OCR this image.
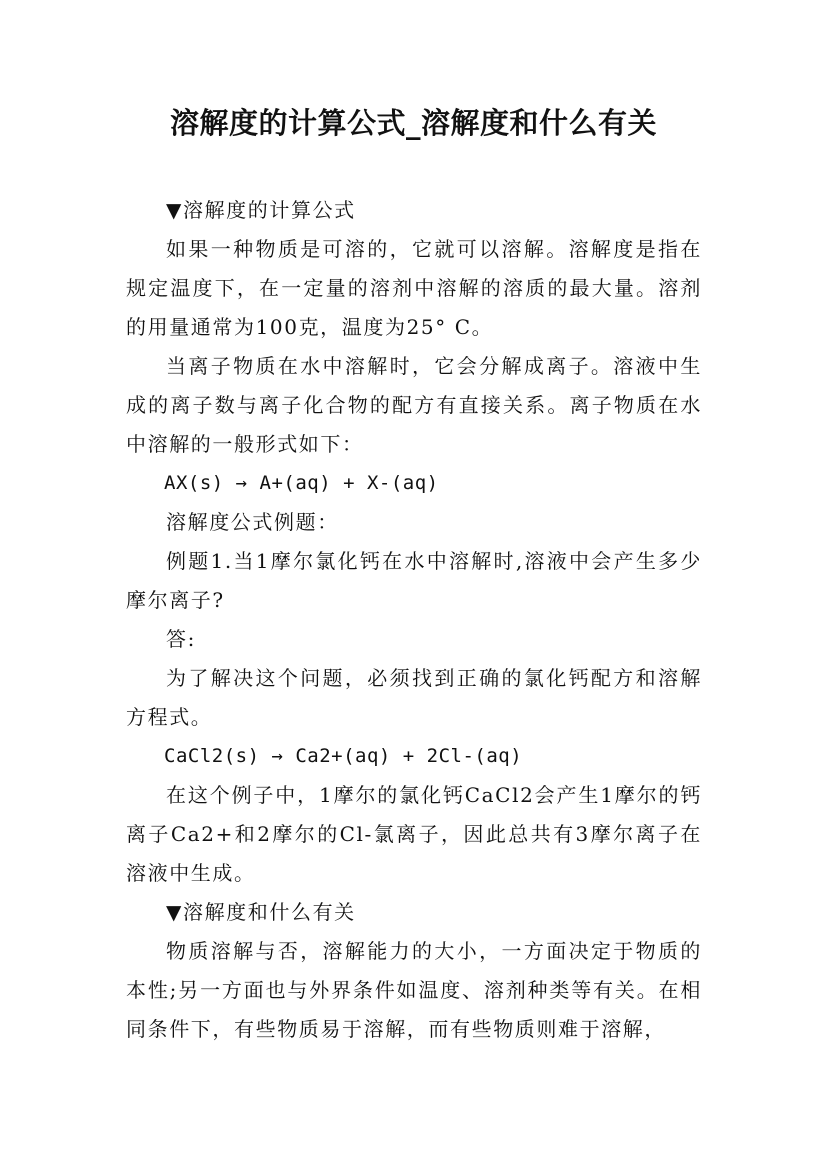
溶解度的计算公式_溶解度和什么有关

▼溶解度的计算公式

如果一种物质是可溶的，它就可以溶解。溶解度是指在规定温度下，在一定量的溶剂中溶解的溶质的最大量。溶剂的用量通常为100克，温度为25° C。

当离子物质在水中溶解时，它会分解成离子。溶液中生成的离子数与离子化合物的配方有直接关系。离子物质在水中溶解的一般形式如下：

AX(s) → A+(aq) + X-(aq)

溶解度公式例题：

例题1.当1摩尔氯化钙在水中溶解时,溶液中会产生多少摩尔离子?

答:

为了解决这个问题，必须找到正确的氯化钙配方和溶解方程式。

CaCl2(s) → Ca2+(aq) + 2Cl-(aq)

在这个例子中，1摩尔的氯化钙CaCl2会产生1摩尔的钙离子Ca2+和2摩尔的Cl-氯离子，因此总共有3摩尔离子在溶液中生成。

▼溶解度和什么有关

物质溶解与否，溶解能力的大小，一方面决定于物质的本性;另一方面也与外界条件如温度、溶剂种类等有关。在相同条件下，有些物质易于溶解，而有些物质则难于溶解，
